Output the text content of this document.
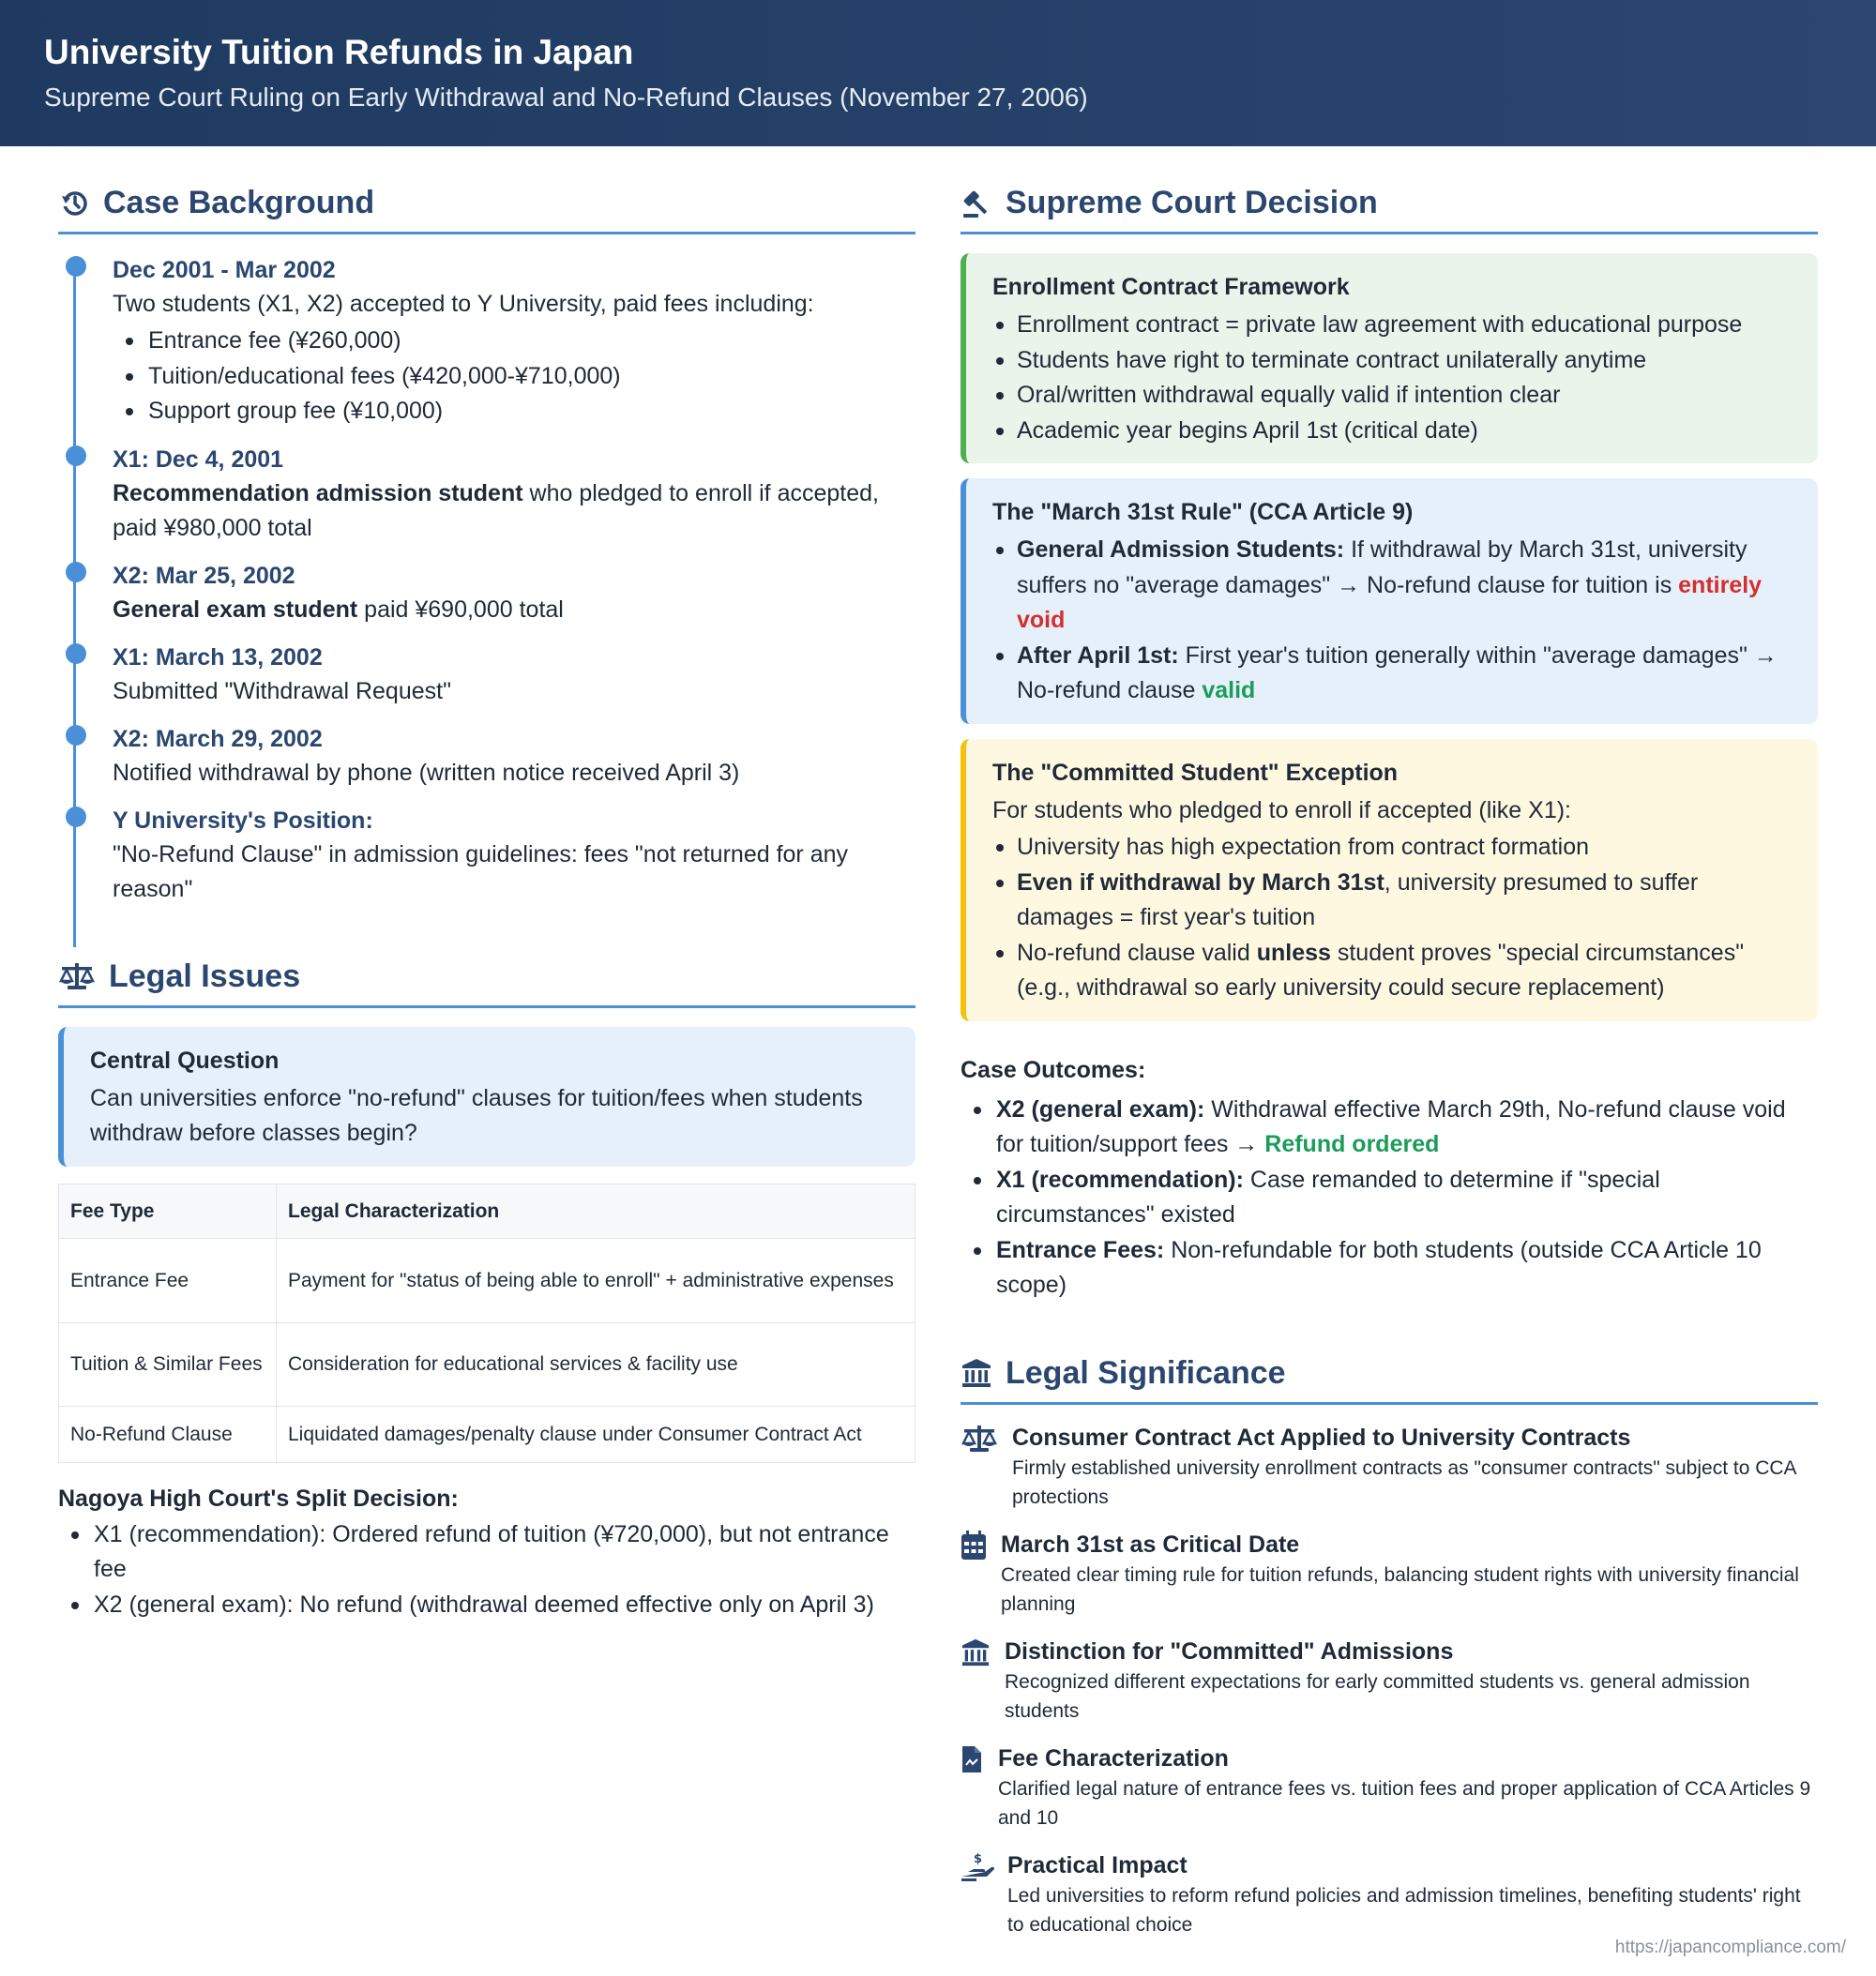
University Tuition Refunds in Japan
Supreme Court Ruling on Early Withdrawal and No-Refund Clauses (November 27, 2006)
Case Background
Dec 2001 - Mar 2002
Two students (X1, X2) accepted to Y University, paid fees including:
Entrance fee (¥260,000)
Tuition/educational fees (¥420,000-¥710,000)
Support group fee (¥10,000)
X1: Dec 4, 2001
Recommendation admission student who pledged to enroll if accepted, paid ¥980,000 total
X2: Mar 25, 2002
General exam student paid ¥690,000 total
X1: March 13, 2002
Submitted "Withdrawal Request"
X2: March 29, 2002
Notified withdrawal by phone (written notice received April 3)
Y University's Position:
"No-Refund Clause" in admission guidelines: fees "not returned for any reason"
Legal Issues
Central Question

Can universities enforce "no-refund" clauses for tuition/fees when students withdraw before classes begin?

Fee Type	Legal Characterization
Entrance Fee	Payment for "status of being able to enroll" + administrative expenses
Tuition & Similar Fees	Consideration for educational services & facility use
No-Refund Clause	Liquidated damages/penalty clause under Consumer Contract Act
Nagoya High Court's Split Decision:
X1 (recommendation): Ordered refund of tuition (¥720,000), but not entrance fee
X2 (general exam): No refund (withdrawal deemed effective only on April 3)
Supreme Court Decision
Enrollment Contract Framework
Enrollment contract = private law agreement with educational purpose
Students have right to terminate contract unilaterally anytime
Oral/written withdrawal equally valid if intention clear
Academic year begins April 1st (critical date)
The "March 31st Rule" (CCA Article 9)
General Admission Students: If withdrawal by March 31st, university suffers no "average damages" → No-refund clause for tuition is entirely void
After April 1st: First year's tuition generally within "average damages" → No-refund clause valid
The "Committed Student" Exception

For students who pledged to enroll if accepted (like X1):

University has high expectation from contract formation
Even if withdrawal by March 31st, university presumed to suffer damages = first year's tuition
No-refund clause valid unless student proves "special circumstances" (e.g., withdrawal so early university could secure replacement)
Case Outcomes:
X2 (general exam): Withdrawal effective March 29th, No-refund clause void for tuition/support fees → Refund ordered
X1 (recommendation): Case remanded to determine if "special circumstances" existed
Entrance Fees: Non-refundable for both students (outside CCA Article 10 scope)
Legal Significance
Consumer Contract Act Applied to University Contracts
Firmly established university enrollment contracts as "consumer contracts" subject to CCA protections
March 31st as Critical Date
Created clear timing rule for tuition refunds, balancing student rights with university financial planning
Distinction for "Committed" Admissions
Recognized different expectations for early committed students vs. general admission students
Fee Characterization
Clarified legal nature of entrance fees vs. tuition fees and proper application of CCA Articles 9 and 10
$ Practical Impact
Led universities to reform refund policies and admission timelines, benefiting students' right to educational choice
https://japancompliance.com/
